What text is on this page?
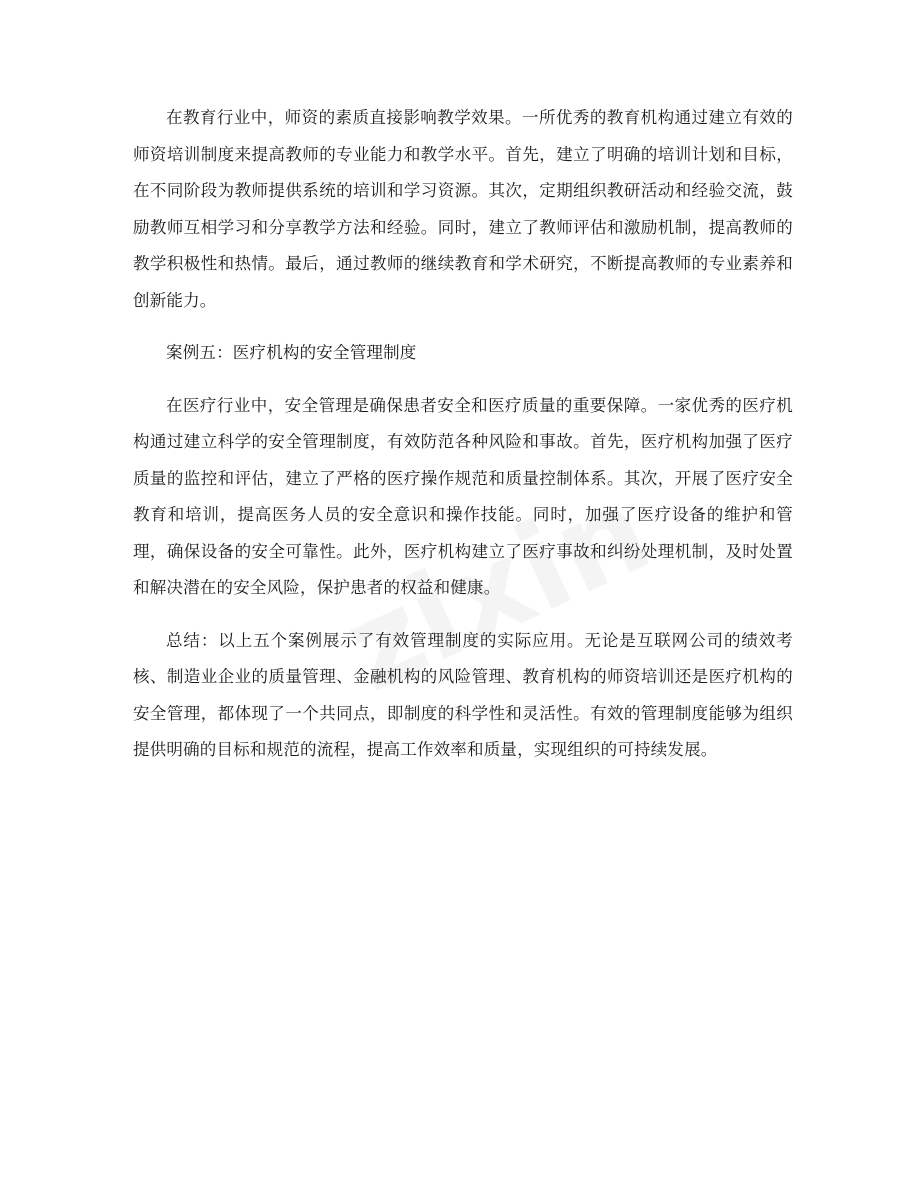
在教育行业中，师资的素质直接影响教学效果。一所优秀的教育机构通过建立有效的师资培训制度来提高教师的专业能力和教学水平。首先，建立了明确的培训计划和目标，在不同阶段为教师提供系统的培训和学习资源。其次，定期组织教研活动和经验交流，鼓励教师互相学习和分享教学方法和经验。同时，建立了教师评估和激励机制，提高教师的教学积极性和热情。最后，通过教师的继续教育和学术研究，不断提高教师的专业素养和创新能力。

案例五：医疗机构的安全管理制度

在医疗行业中，安全管理是确保患者安全和医疗质量的重要保障。一家优秀的医疗机构通过建立科学的安全管理制度，有效防范各种风险和事故。首先，医疗机构加强了医疗质量的监控和评估，建立了严格的医疗操作规范和质量控制体系。其次，开展了医疗安全教育和培训，提高医务人员的安全意识和操作技能。同时，加强了医疗设备的维护和管理，确保设备的安全可靠性。此外，医疗机构建立了医疗事故和纠纷处理机制，及时处置和解决潜在的安全风险，保护患者的权益和健康。

总结：以上五个案例展示了有效管理制度的实际应用。无论是互联网公司的绩效考核、制造业企业的质量管理、金融机构的风险管理、教育机构的师资培训还是医疗机构的安全管理，都体现了一个共同点，即制度的科学性和灵活性。有效的管理制度能够为组织提供明确的目标和规范的流程，提高工作效率和质量，实现组织的可持续发展。
